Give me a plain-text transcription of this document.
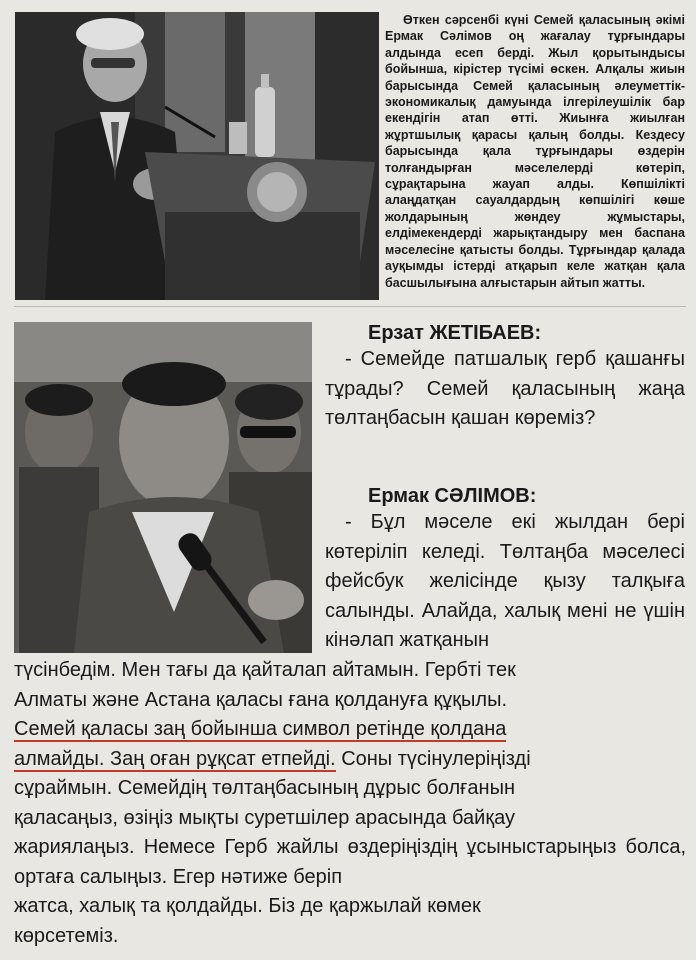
Өткен сәрсенбі күні Семей қаласының әкімі Ермак Сәлімов оң жағалау тұрғындары алдында есеп берді. Жыл қорытындысы бойынша, кірістер түсімі өскен. Алқалы жиын барысында Семей қаласының әлеуметтік-экономикалық дамуында ілгерілеушілік бар екендігін атап өтті. Жиынға жиылған жұртшылық қарасы қалың болды. Кездесу барысында қала тұрғындары өздерін толғандырған мәселелерді көтеріп, сұрақтарына жауап алды. Көпшілікті алаңдатқан сауалдардың көпшілігі көше жолдарының жөндеу жұмыстары, елдімекендерді жарықтандыру мен баспана мәселесіне қатысты болды. Тұрғындар қалада ауқымды істерді атқарып келе жатқан қала басшылығына алғыстарын айтып жатты.

Ерзат ЖЕТІБАЕВ:

- Семейде патшалық герб қашанғы тұрады? Семей қаласының жаңа төлтаңбасын қашан көреміз?

Ермак СӘЛІМОВ:

- Бұл мәселе екі жылдан бері көтеріліп келеді. Төлтаңба мәселесі фейсбук желісінде қызу талқыға салынды. Алайда, халық мені не үшін кінәлап жатқанын

түсінбедім. Мен тағы да қайталап айтамын. Гербті тек
Алматы және Астана қаласы ғана қолдануға құқылы.
Семей қаласы заң бойынша символ ретінде қолдана
алмайды. Заң оған рұқсат етпейді. Соны түсінулеріңізді
сұраймын. Семейдің төлтаңбасының дұрыс болғанын
қаласаңыз, өзіңіз мықты суретшілер арасында байқау
жариялаңыз. Немесе Герб жайлы өздеріңіздің ұсыныстарыңыз болса, ортаға салыңыз. Егер нәтиже беріп
жатса, халық та қолдайды. Біз де қаржылай көмек
көрсетеміз.
